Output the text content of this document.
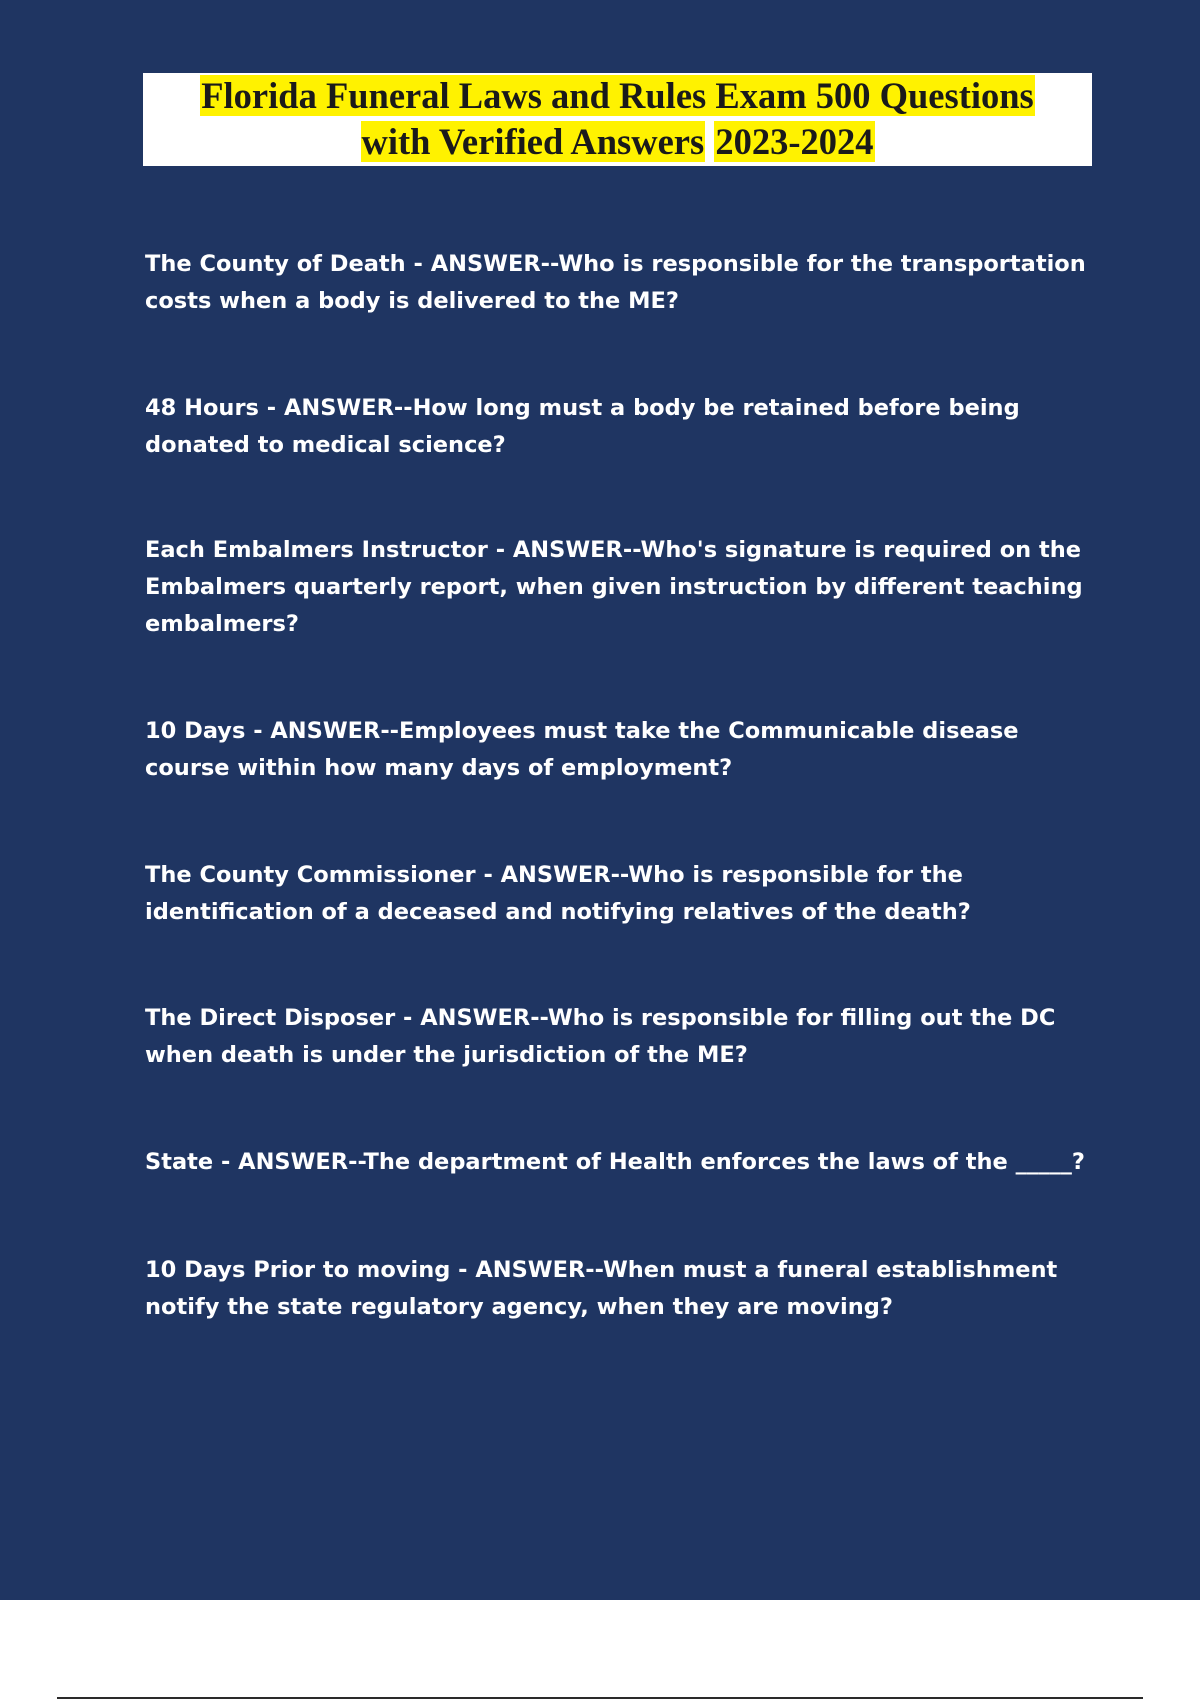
Florida Funeral Laws and Rules Exam 500 Questions
with Verified Answers 2023-2024

The County of Death - ANSWER--Who is responsible for the transportation costs when a body is delivered to the ME?

48 Hours - ANSWER--How long must a body be retained before being donated to medical science?

Each Embalmers Instructor - ANSWER--Who's signature is required on the Embalmers quarterly report, when given instruction by different teaching embalmers?

10 Days - ANSWER--Employees must take the Communicable disease course within how many days of employment?

The County Commissioner - ANSWER--Who is responsible for the identification of a deceased and notifying relatives of the death?

The Direct Disposer - ANSWER--Who is responsible for filling out the DC when death is under the jurisdiction of the ME?

State - ANSWER--The department of Health enforces the laws of the _____?

10 Days Prior to moving - ANSWER--When must a funeral establishment notify the state regulatory agency, when they are moving?
